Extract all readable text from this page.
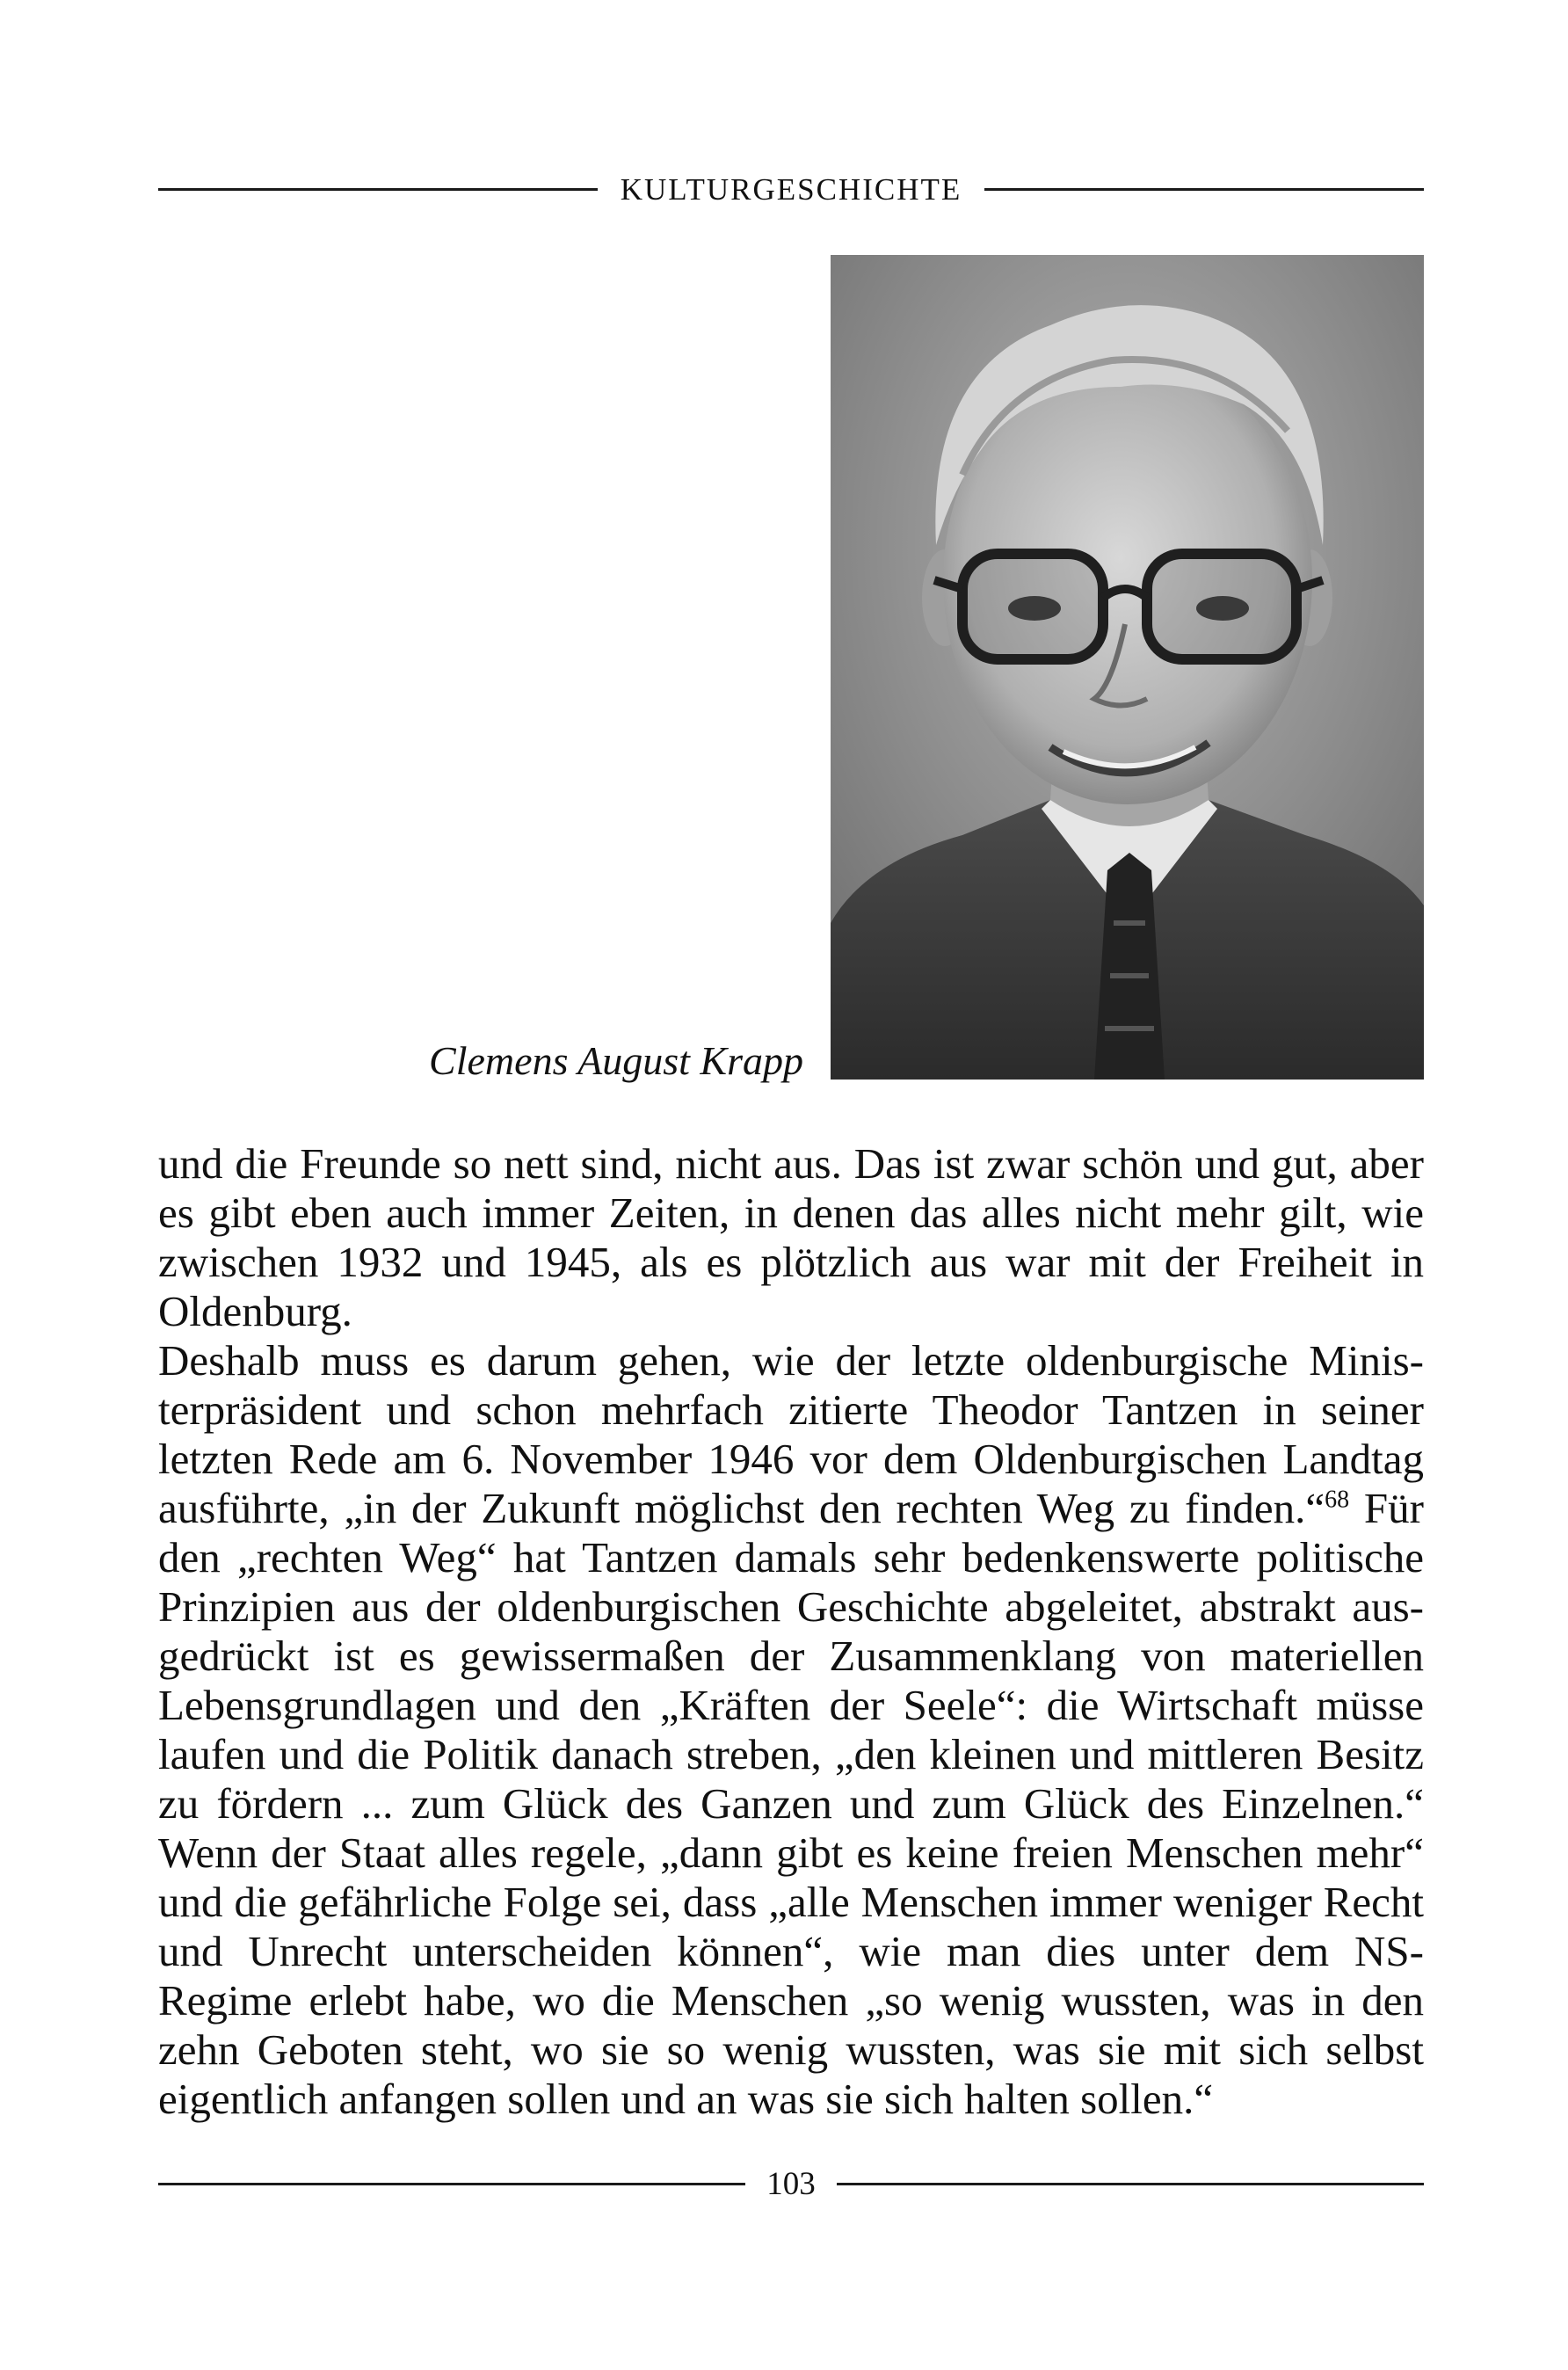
KULTURGESCHICHTE
Clemens August Krapp

und die Freunde so nett sind, nicht aus. Das ist zwar schön und gut, aber es gibt eben auch immer Zeiten, in denen das alles nicht mehr gilt, wie zwischen 1932 und 1945, als es plötzlich aus war mit der Freiheit in Oldenburg.

Deshalb muss es darum gehen, wie der letzte oldenburgische Ministerpräsident und schon mehrfach zitierte Theodor Tantzen in seiner letzten Rede am 6. November 1946 vor dem Oldenburgischen Landtag ausführte, „in der Zukunft möglichst den rechten Weg zu finden.“$^{68}$ Für den „rechten Weg“ hat Tantzen damals sehr bedenkenswerte politische Prinzipien aus der oldenburgischen Geschichte abgeleitet, abstrakt ausgedrückt ist es gewissermaßen der Zusammenklang von materiellen Lebensgrundlagen und den „Kräften der Seele“: die Wirtschaft müsse laufen und die Politik danach streben, „den kleinen und mittleren Besitz zu fördern ... zum Glück des Ganzen und zum Glück des Einzelnen.“ Wenn der Staat alles regele, „dann gibt es keine freien Menschen mehr“ und die gefährliche Folge sei, dass „alle Menschen immer weniger Recht und Unrecht unterscheiden können“, wie man dies unter dem NS-Regime erlebt habe, wo die Menschen „so wenig wussten, was in den zehn Geboten steht, wo sie so wenig wussten, was sie mit sich selbst eigentlich anfangen sollen und an was sie sich halten sollen.“

103
